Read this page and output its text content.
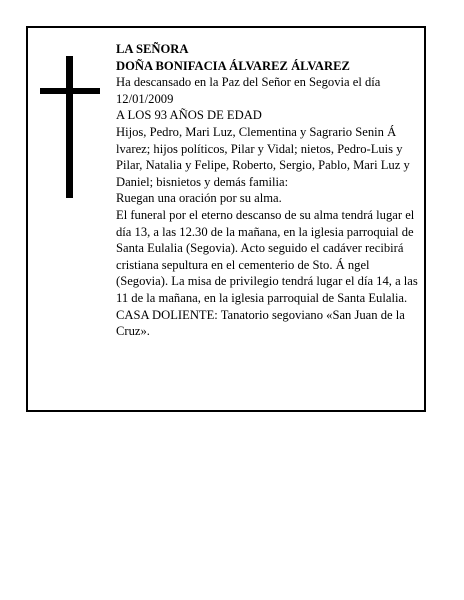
LA SEÑORA

DOÑA BONIFACIA ÁLVAREZ ÁLVAREZ

Ha descansado en la Paz del Señor en Segovia el día 12/01/2009

A LOS 93 AÑOS DE EDAD

Hijos, Pedro, Mari Luz, Clementina y Sagrario Senin Á lvarez; hijos políticos, Pilar y Vidal; nietos, Pedro-Luis y Pilar, Natalia y Felipe, Roberto, Sergio, Pablo, Mari Luz y Daniel; bisnietos y demás familia:

Ruegan una oración por su alma.

El funeral por el eterno descanso de su alma tendrá lugar el día 13, a las 12.30 de la mañana, en la iglesia parroquial de Santa Eulalia (Segovia). Acto seguido el cadáver recibirá cristiana sepultura en el cementerio de Sto. Á ngel (Segovia). La misa de privilegio tendrá lugar el día 14, a las 11 de la mañana, en la iglesia parroquial de Santa Eulalia.

CASA DOLIENTE: Tanatorio segoviano «San Juan de la Cruz».
